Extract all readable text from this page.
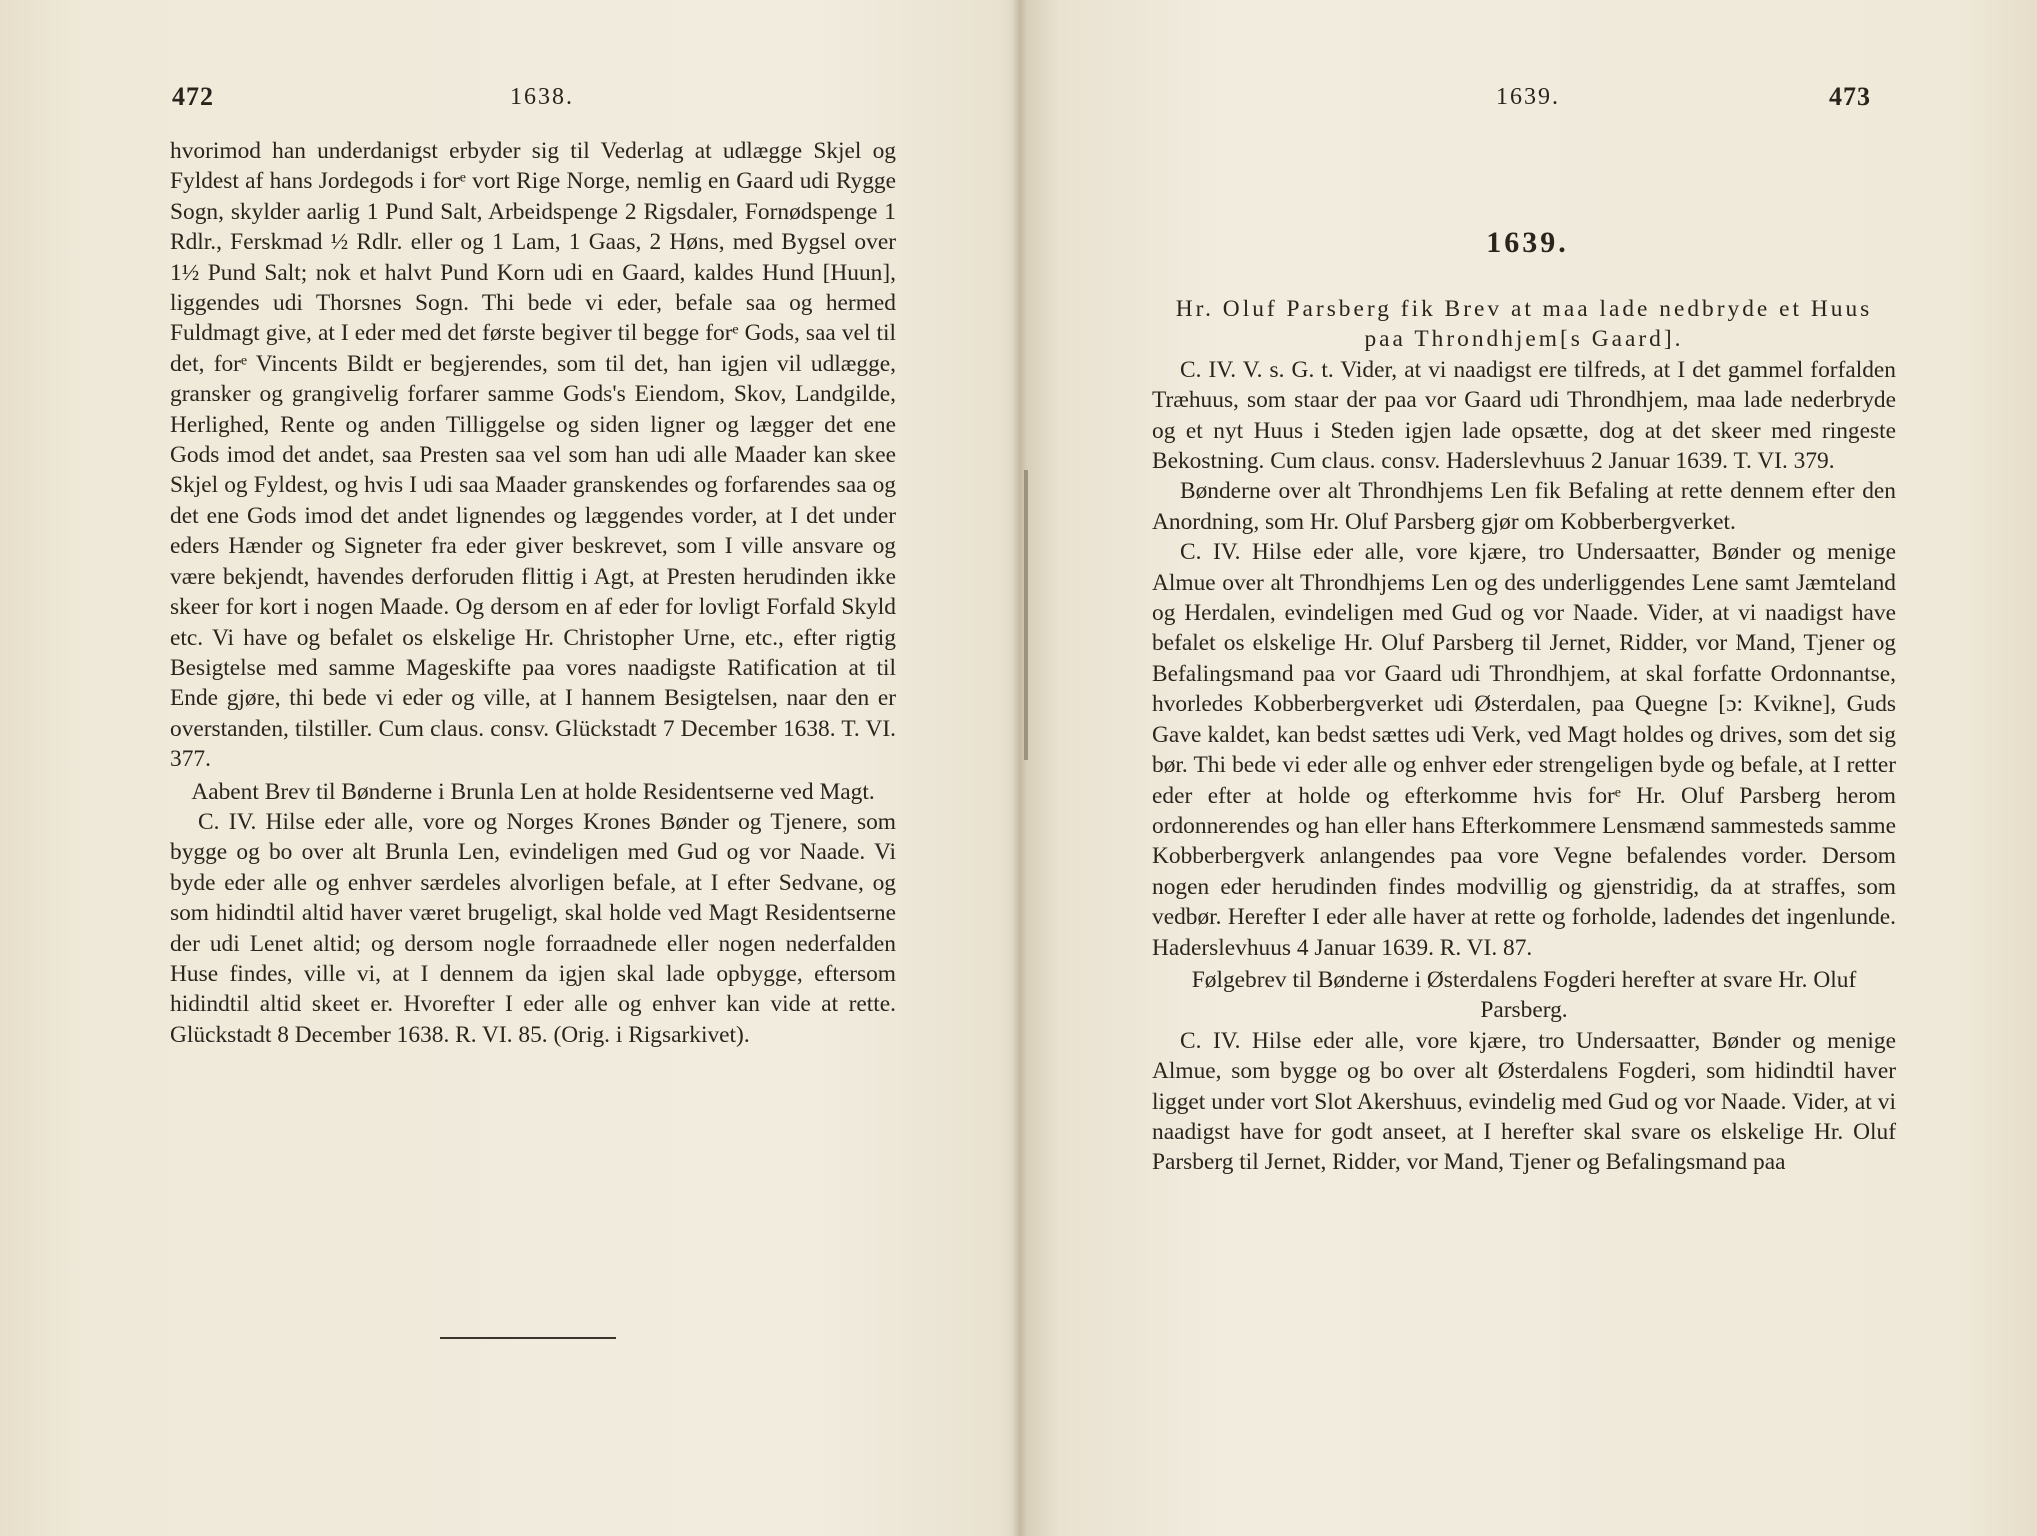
472	1638.

hvorimod han underdanigst erbyder sig til Vederlag at udlægge Skjel og Fyldest af hans Jordegods i forᵉ vort Rige Norge, nemlig en Gaard udi Rygge Sogn, skylder aarlig 1 Pund Salt, Arbeidspenge 2 Rigsdaler, Fornødspenge 1 Rdlr., Ferskmad ½ Rdlr. eller og 1 Lam, 1 Gaas, 2 Høns, med Bygsel over 1½ Pund Salt; nok et halvt Pund Korn udi en Gaard, kaldes Hund [Huun], liggendes udi Thorsnes Sogn. Thi bede vi eder, befale saa og hermed Fuldmagt give, at I eder med det første begiver til begge forᵉ Gods, saa vel til det, forᵉ Vincents Bildt er begjerendes, som til det, han igjen vil udlægge, gransker og grangivelig forfarer samme Gods's Eiendom, Skov, Landgilde, Herlighed, Rente og anden Tilliggelse og siden ligner og lægger det ene Gods imod det andet, saa Presten saa vel som han udi alle Maader kan skee Skjel og Fyldest, og hvis I udi saa Maader granskendes og forfarendes saa og det ene Gods imod det andet lignendes og læggendes vorder, at I det under eders Hænder og Signeter fra eder giver beskrevet, som I ville ansvare og være bekjendt, havendes derforuden flittig i Agt, at Presten herudinden ikke skeer for kort i nogen Maade. Og dersom en af eder for lovligt Forfald Skyld etc. Vi have og befalet os elskelige Hr. Christopher Urne, etc., efter rigtig Besigtelse med samme Mageskifte paa vores naadigste Ratification at til Ende gjøre, thi bede vi eder og ville, at I hannem Besigtelsen, naar den er overstanden, tilstiller. Cum claus. consv. Glückstadt 7 December 1638. T. VI. 377.

Aabent Brev til Bønderne i Brunla Len at holde Residentserne ved Magt.

C. IV. Hilse eder alle, vore og Norges Krones Bønder og Tjenere, som bygge og bo over alt Brunla Len, evindeligen med Gud og vor Naade. Vi byde eder alle og enhver særdeles alvorligen befale, at I efter Sedvane, og som hidindtil altid haver været brugeligt, skal holde ved Magt Residentserne der udi Lenet altid; og dersom nogle forraadnede eller nogen nederfalden Huse findes, ville vi, at I dennem da igjen skal lade opbygge, eftersom hidindtil altid skeet er. Hvorefter I eder alle og enhver kan vide at rette. Glückstadt 8 December 1638. R. VI. 85. (Orig. i Rigsarkivet).

1639.	473
1639.

Hr. Oluf Parsberg fik Brev at maa lade nedbryde et Huus paa Throndhjem[s Gaard].

C. IV. V. s. G. t. Vider, at vi naadigst ere tilfreds, at I det gammel forfalden Træhuus, som staar der paa vor Gaard udi Throndhjem, maa lade nederbryde og et nyt Huus i Steden igjen lade opsætte, dog at det skeer med ringeste Bekostning. Cum claus. consv. Haderslevhuus 2 Januar 1639. T. VI. 379.

Bønderne over alt Throndhjems Len fik Befaling at rette dennem efter den Anordning, som Hr. Oluf Parsberg gjør om Kobberbergverket.

C. IV. Hilse eder alle, vore kjære, tro Undersaatter, Bønder og menige Almue over alt Throndhjems Len og des underliggendes Lene samt Jæmteland og Herdalen, evindeligen med Gud og vor Naade. Vider, at vi naadigst have befalet os elskelige Hr. Oluf Parsberg til Jernet, Ridder, vor Mand, Tjener og Befalingsmand paa vor Gaard udi Throndhjem, at skal forfatte Ordonnantse, hvorledes Kobberbergverket udi Østerdalen, paa Quegne [ɔ: Kvikne], Guds Gave kaldet, kan bedst sættes udi Verk, ved Magt holdes og drives, som det sig bør. Thi bede vi eder alle og enhver eder strengeligen byde og befale, at I retter eder efter at holde og efterkomme hvis forᵉ Hr. Oluf Parsberg herom ordonnerendes og han eller hans Efterkommere Lensmænd sammesteds samme Kobberbergverk anlangendes paa vore Vegne befalendes vorder. Dersom nogen eder herudinden findes modvillig og gjenstridig, da at straffes, som vedbør. Herefter I eder alle haver at rette og forholde, ladendes det ingenlunde. Haderslevhuus 4 Januar 1639. R. VI. 87.

Følgebrev til Bønderne i Østerdalens Fogderi herefter at svare Hr. Oluf Parsberg.

C. IV. Hilse eder alle, vore kjære, tro Undersaatter, Bønder og menige Almue, som bygge og bo over alt Østerdalens Fogderi, som hidindtil haver ligget under vort Slot Akershuus, evindelig med Gud og vor Naade. Vider, at vi naadigst have for godt anseet, at I herefter skal svare os elskelige Hr. Oluf Parsberg til Jernet, Ridder, vor Mand, Tjener og Befalingsmand paa
